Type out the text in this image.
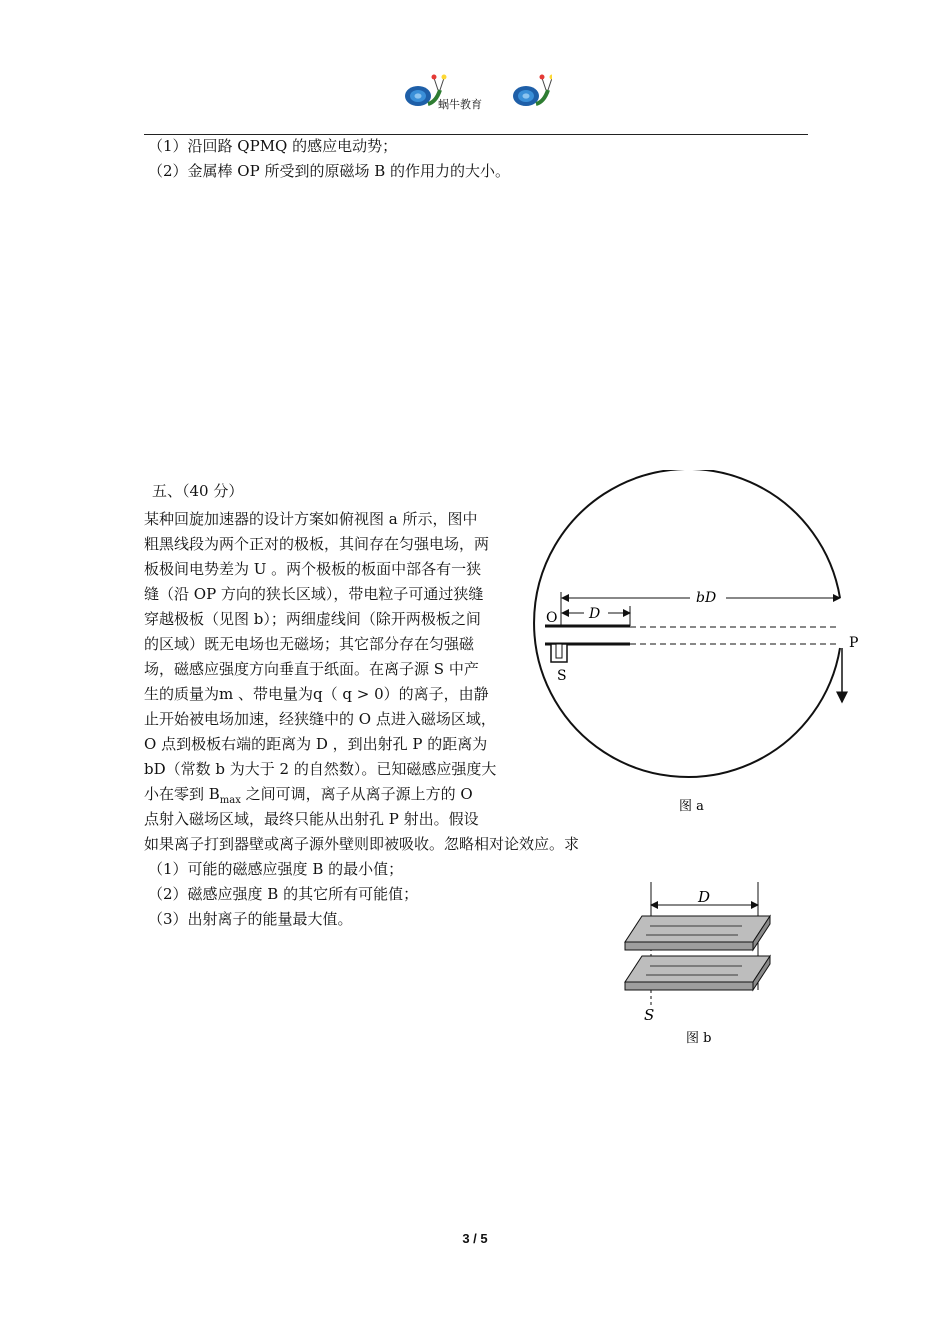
蜗牛教育
（1）沿回路 QPMQ 的感应电动势；
（2）金属棒 OP 所受到的原磁场 B 的作用力的大小。
五、（40 分）
某种回旋加速器的设计方案如俯视图 a 所示，图中
粗黑线段为两个正对的极板，其间存在匀强电场，两
板极间电势差为 U 。两个极板的板面中部各有一狭
缝（沿 OP 方向的狭长区域），带电粒子可通过狭缝
穿越极板（见图 b）；两细虚线间（除开两极板之间
的区域）既无电场也无磁场；其它部分存在匀强磁
场，磁感应强度方向垂直于纸面。在离子源 S 中产
生的质量为m 、带电量为q（ q > 0）的离子，由静
止开始被电场加速，经狭缝中的 O 点进入磁场区域，
O 点到极板右端的距离为 D ，到出射孔 P 的距离为
bD（常数 b 为大于 2 的自然数）。已知磁感应强度大
小在零到 $B_{max}$ 之间可调，离子从离子源上方的 O
点射入磁场区域，最终只能从出射孔 P 射出。假设
如果离子打到器壁或离子源外壁则即被吸收。忽略相对论效应。求
（1）可能的磁感应强度 B 的最小值；
（2）磁感应强度 B 的其它所有可能值；
（3）出射离子的能量最大值。
D
bD
O
P
S
图 a
D
S
图 b
3 / 5
